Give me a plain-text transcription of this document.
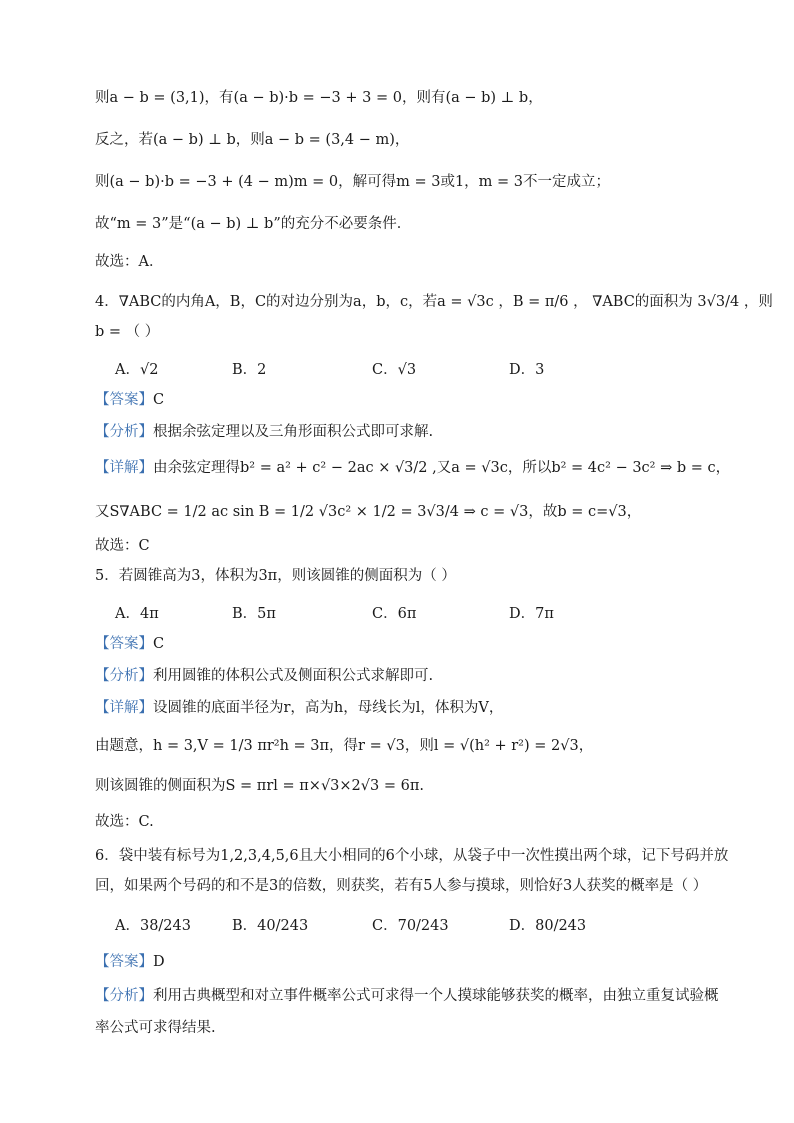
则a − b = (3,1)，有(a − b)·b = −3 + 3 = 0，则有(a − b) ⊥ b，
反之，若(a − b) ⊥ b，则a − b = (3,4 − m)，
则(a − b)·b = −3 + (4 − m)m = 0，解可得m = 3或1，m = 3不一定成立；
故“m = 3”是“(a − b) ⊥ b”的充分不必要条件．
故选：A．
4．∇ABC的内角A，B，C的对边分别为a，b，c，若a = √3c ，B = π/6 ， ∇ABC的面积为 3√3/4 ，则
b = （ ）
A．√2	B．2	C．√3	D．3
【答案】C
【分析】根据余弦定理以及三角形面积公式即可求解.
【详解】由余弦定理得b² = a² + c² − 2ac × √3/2 ,又a = √3c，所以b² = 4c² − 3c² ⇒ b = c，
又S∇ABC = 1/2 ac sin B = 1/2 √3c² × 1/2 = 3√3/4 ⇒ c = √3，故b = c=√3，
故选：C
5．若圆锥高为3，体积为3π，则该圆锥的侧面积为（ ）
A．4π	B．5π	C．6π	D．7π
【答案】C
【分析】利用圆锥的体积公式及侧面积公式求解即可.
【详解】设圆锥的底面半径为r，高为h，母线长为l，体积为V，
由题意，h = 3,V = 1/3 πr²h = 3π，得r = √3，则l = √(h² + r²) = 2√3，
则该圆锥的侧面积为S = πrl = π×√3×2√3 = 6π.
故选：C.
6．袋中装有标号为1,2,3,4,5,6且大小相同的6个小球，从袋子中一次性摸出两个球，记下号码并放
回，如果两个号码的和不是3的倍数，则获奖，若有5人参与摸球，则恰好3人获奖的概率是（ ）
A．38/243	B．40/243	C．70/243	D．80/243
【答案】D
【分析】利用古典概型和对立事件概率公式可求得一个人摸球能够获奖的概率，由独立重复试验概
率公式可求得结果.
